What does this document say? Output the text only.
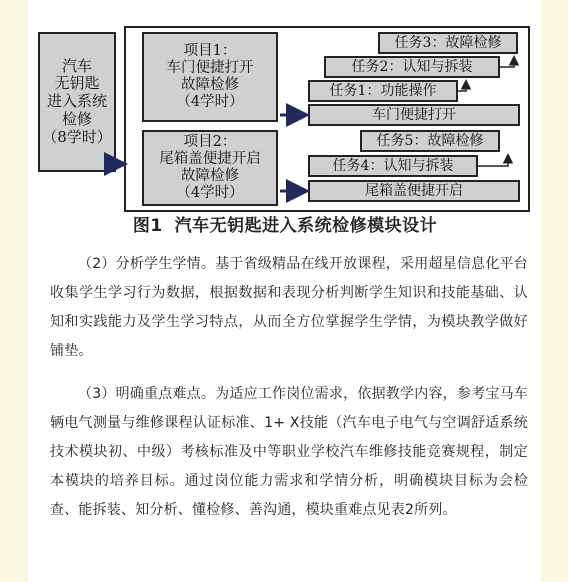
汽车
无钥匙
进入系统
检修
（8学时）
项目1：
车门便捷打开
故障检修
（4学时）
项目2：
尾箱盖便捷开启
故障检修
（4学时）
任务3：故障检修
任务2：认知与拆装
任务1：功能操作
车门便捷打开
任务5：故障检修
任务4：认知与拆装
尾箱盖便捷开启
图1 汽车无钥匙进入系统检修模块设计

（2）分析学生学情。基于省级精品在线开放课程，采用超星信息化平台收集学生学习行为数据，根据数据和表现分析判断学生知识和技能基础、认知和实践能力及学生学习特点，从而全方位掌握学生学情，为模块教学做好铺垫。

（3）明确重点难点。为适应工作岗位需求，依据教学内容，参考宝马车辆电气测量与维修课程认证标准、1+ X技能（汽车电子电气与空调舒适系统技术模块初、中级）考核标准及中等职业学校汽车维修技能竞赛规程，制定本模块的培养目标。通过岗位能力需求和学情分析，明确模块目标为会检查、能拆装、知分析、懂检修、善沟通，模块重难点见表2所列。
